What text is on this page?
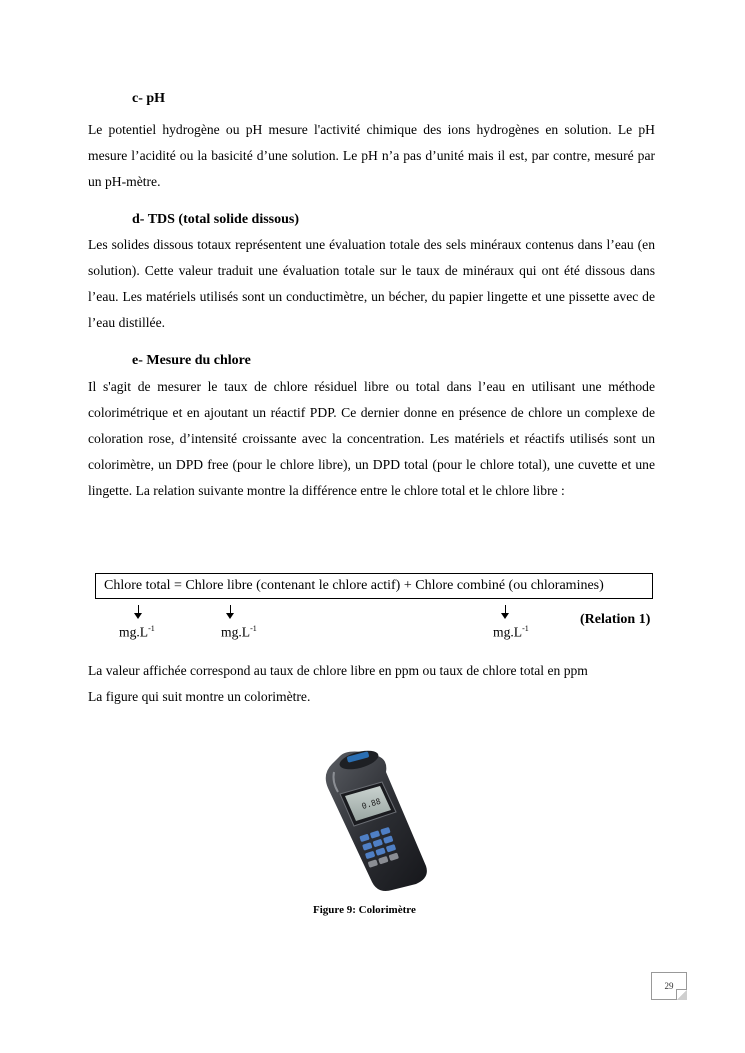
c- pH

Le potentiel hydrogène ou pH mesure l'activité chimique des ions hydrogènes en solution. Le pH mesure l’acidité ou la basicité d’une solution. Le pH n’a pas d’unité mais il est, par contre, mesuré par un pH-mètre.

d- TDS (total solide dissous)

Les solides dissous totaux représentent une évaluation totale des sels minéraux contenus dans l’eau (en solution). Cette valeur traduit une évaluation totale sur le taux de minéraux qui ont été dissous dans l’eau. Les matériels utilisés sont un conductimètre, un bécher, du papier lingette et une pissette avec de l’eau distillée.

e- Mesure du chlore

Il s'agit de mesurer le taux de chlore résiduel libre ou total dans l’eau en utilisant une méthode colorimétrique et en ajoutant un réactif PDP. Ce dernier donne en présence de chlore un complexe de coloration rose, d’intensité croissante avec la concentration. Les matériels et réactifs utilisés sont un colorimètre, un DPD free (pour le chlore libre), un DPD total (pour le chlore total), une cuvette et une lingette. La relation suivante montre la différence entre le chlore total et le chlore libre :

Chlore total = Chlore libre (contenant le chlore actif) + Chlore combiné (ou chloramines)
$mg.L^{-1}$	$mg.L^{-1}$	$mg.L^{-1}$
(Relation 1)
La valeur affichée correspond au taux de chlore libre en ppm ou taux de chlore total en ppm
La figure qui suit montre un colorimètre.
0.88
Figure 9: Colorimètre
29
